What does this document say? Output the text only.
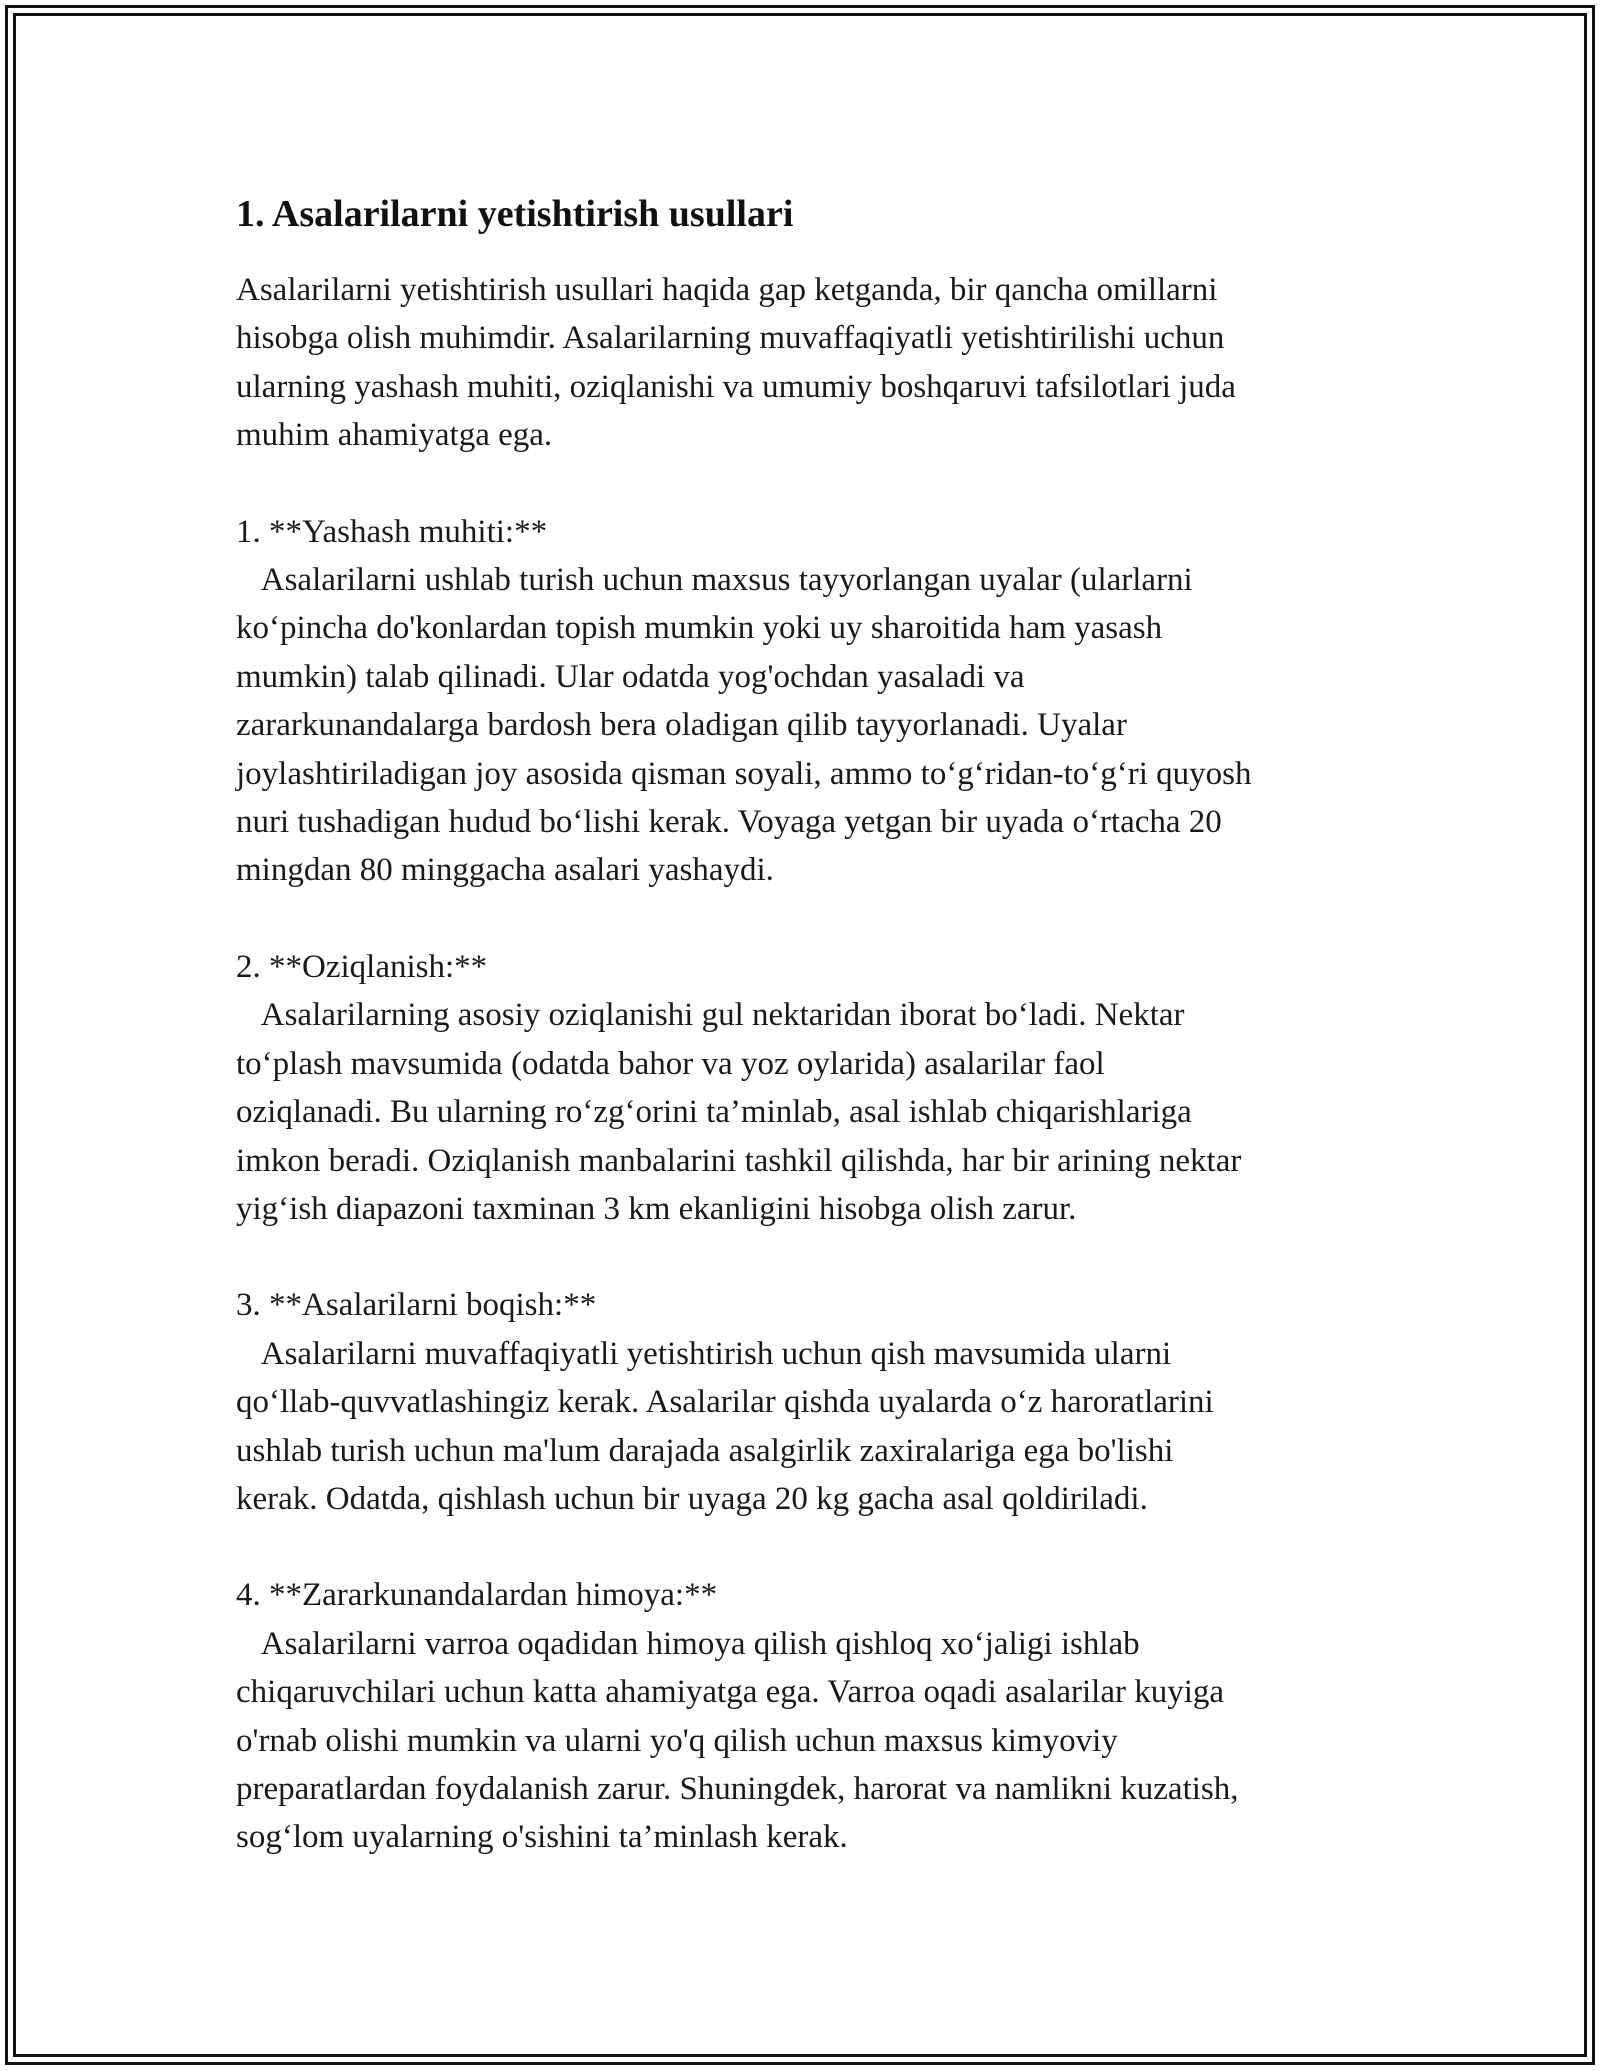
1. Asalarilarni yetishtirish usullari

Asalarilarni yetishtirish usullari haqida gap ketganda, bir qancha omillarni
hisobga olish muhimdir. Asalarilarning muvaffaqiyatli yetishtirilishi uchun
ularning yashash muhiti, oziqlanishi va umumiy boshqaruvi tafsilotlari juda
muhim ahamiyatga ega.

1. **Yashash muhiti:**

Asalarilarni ushlab turish uchun maxsus tayyorlangan uyalar (ularlarni
ko‘pincha do'konlardan topish mumkin yoki uy sharoitida ham yasash
mumkin) talab qilinadi. Ular odatda yog'ochdan yasaladi va
zararkunandalarga bardosh bera oladigan qilib tayyorlanadi. Uyalar
joylashtiriladigan joy asosida qisman soyali, ammo to‘g‘ridan-to‘g‘ri quyosh
nuri tushadigan hudud bo‘lishi kerak. Voyaga yetgan bir uyada o‘rtacha 20
mingdan 80 minggacha asalari yashaydi.

2. **Oziqlanish:**

Asalarilarning asosiy oziqlanishi gul nektaridan iborat bo‘ladi. Nektar
to‘plash mavsumida (odatda bahor va yoz oylarida) asalarilar faol
oziqlanadi. Bu ularning ro‘zg‘orini ta’minlab, asal ishlab chiqarishlariga
imkon beradi. Oziqlanish manbalarini tashkil qilishda, har bir arining nektar
yig‘ish diapazoni taxminan 3 km ekanligini hisobga olish zarur.

3. **Asalarilarni boqish:**

Asalarilarni muvaffaqiyatli yetishtirish uchun qish mavsumida ularni
qo‘llab-quvvatlashingiz kerak. Asalarilar qishda uyalarda o‘z haroratlarini
ushlab turish uchun ma'lum darajada asalgirlik zaxiralariga ega bo'lishi
kerak. Odatda, qishlash uchun bir uyaga 20 kg gacha asal qoldiriladi.

4. **Zararkunandalardan himoya:**

Asalarilarni varroa oqadidan himoya qilish qishloq xo‘jaligi ishlab
chiqaruvchilari uchun katta ahamiyatga ega. Varroa oqadi asalarilar kuyiga
o'rnab olishi mumkin va ularni yo'q qilish uchun maxsus kimyoviy
preparatlardan foydalanish zarur. Shuningdek, harorat va namlikni kuzatish,
sog‘lom uyalarning o'sishini ta’minlash kerak.
